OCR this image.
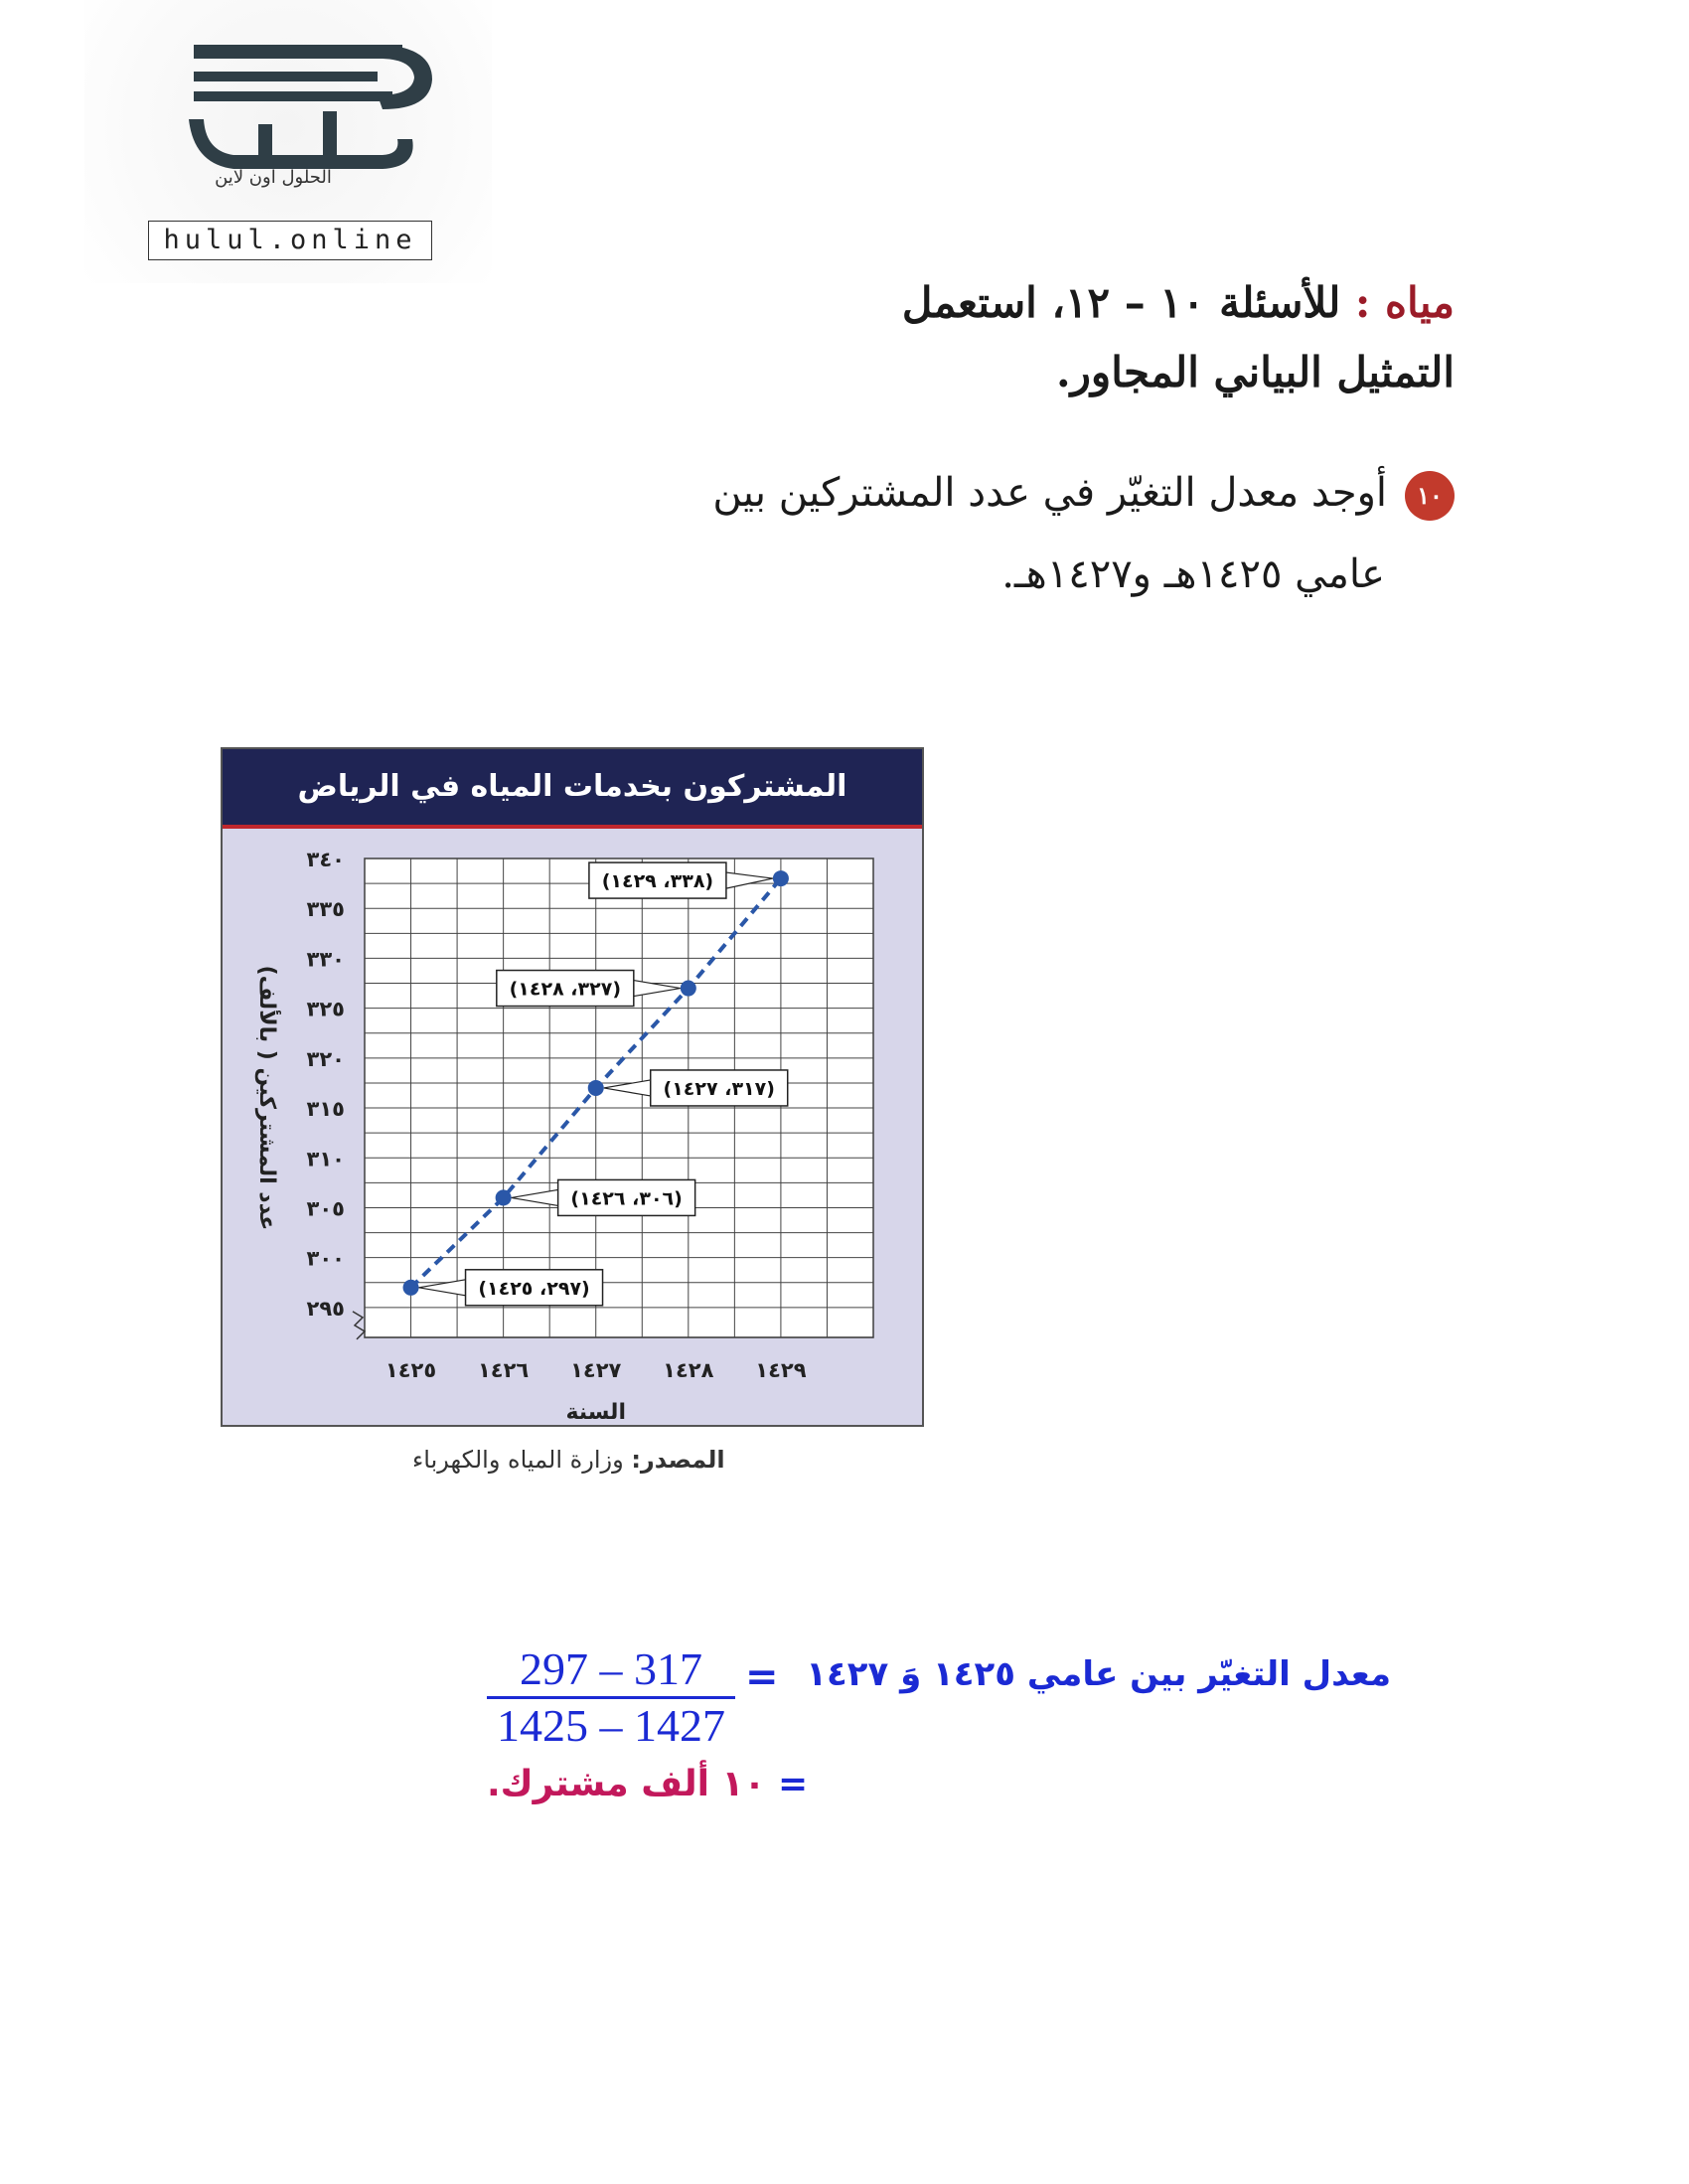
الحلول اون لاين
hulul.online
مياه : للأسئلة ١٠ – ١٢، استعمل
التمثيل البياني المجاور.
١٠أوجد معدل التغيّر في عدد المشتركين بين
عامي ١٤٢٥هـ و١٤٢٧هـ.
المشتركون بخدمات المياه في الرياض
٢٩٥
٣٠٠
٣٠٥
٣١٠
٣١٥
٣٢٠
٣٢٥
٣٣٠
٣٣٥
٣٤٠
١٤٢٥ ١٤٢٦ ١٤٢٧ ١٤٢٨ ١٤٢٩
السنة
عدد المشتركين ( بالألف)
(٢٩٧، ١٤٢٥)
(٣٠٦، ١٤٢٦)
(٣١٧، ١٤٢٧)
(٣٢٧، ١٤٢٨)
(٣٣٨، ١٤٢٩)
المصدر: وزارة المياه والكهرباء
معدل التغيّر بين عامي ١٤٢٥ وَ ١٤٢٧
=
$\frac{297 - 317}{1425 - 1427}$
= ١٠ ألف مشترك.
